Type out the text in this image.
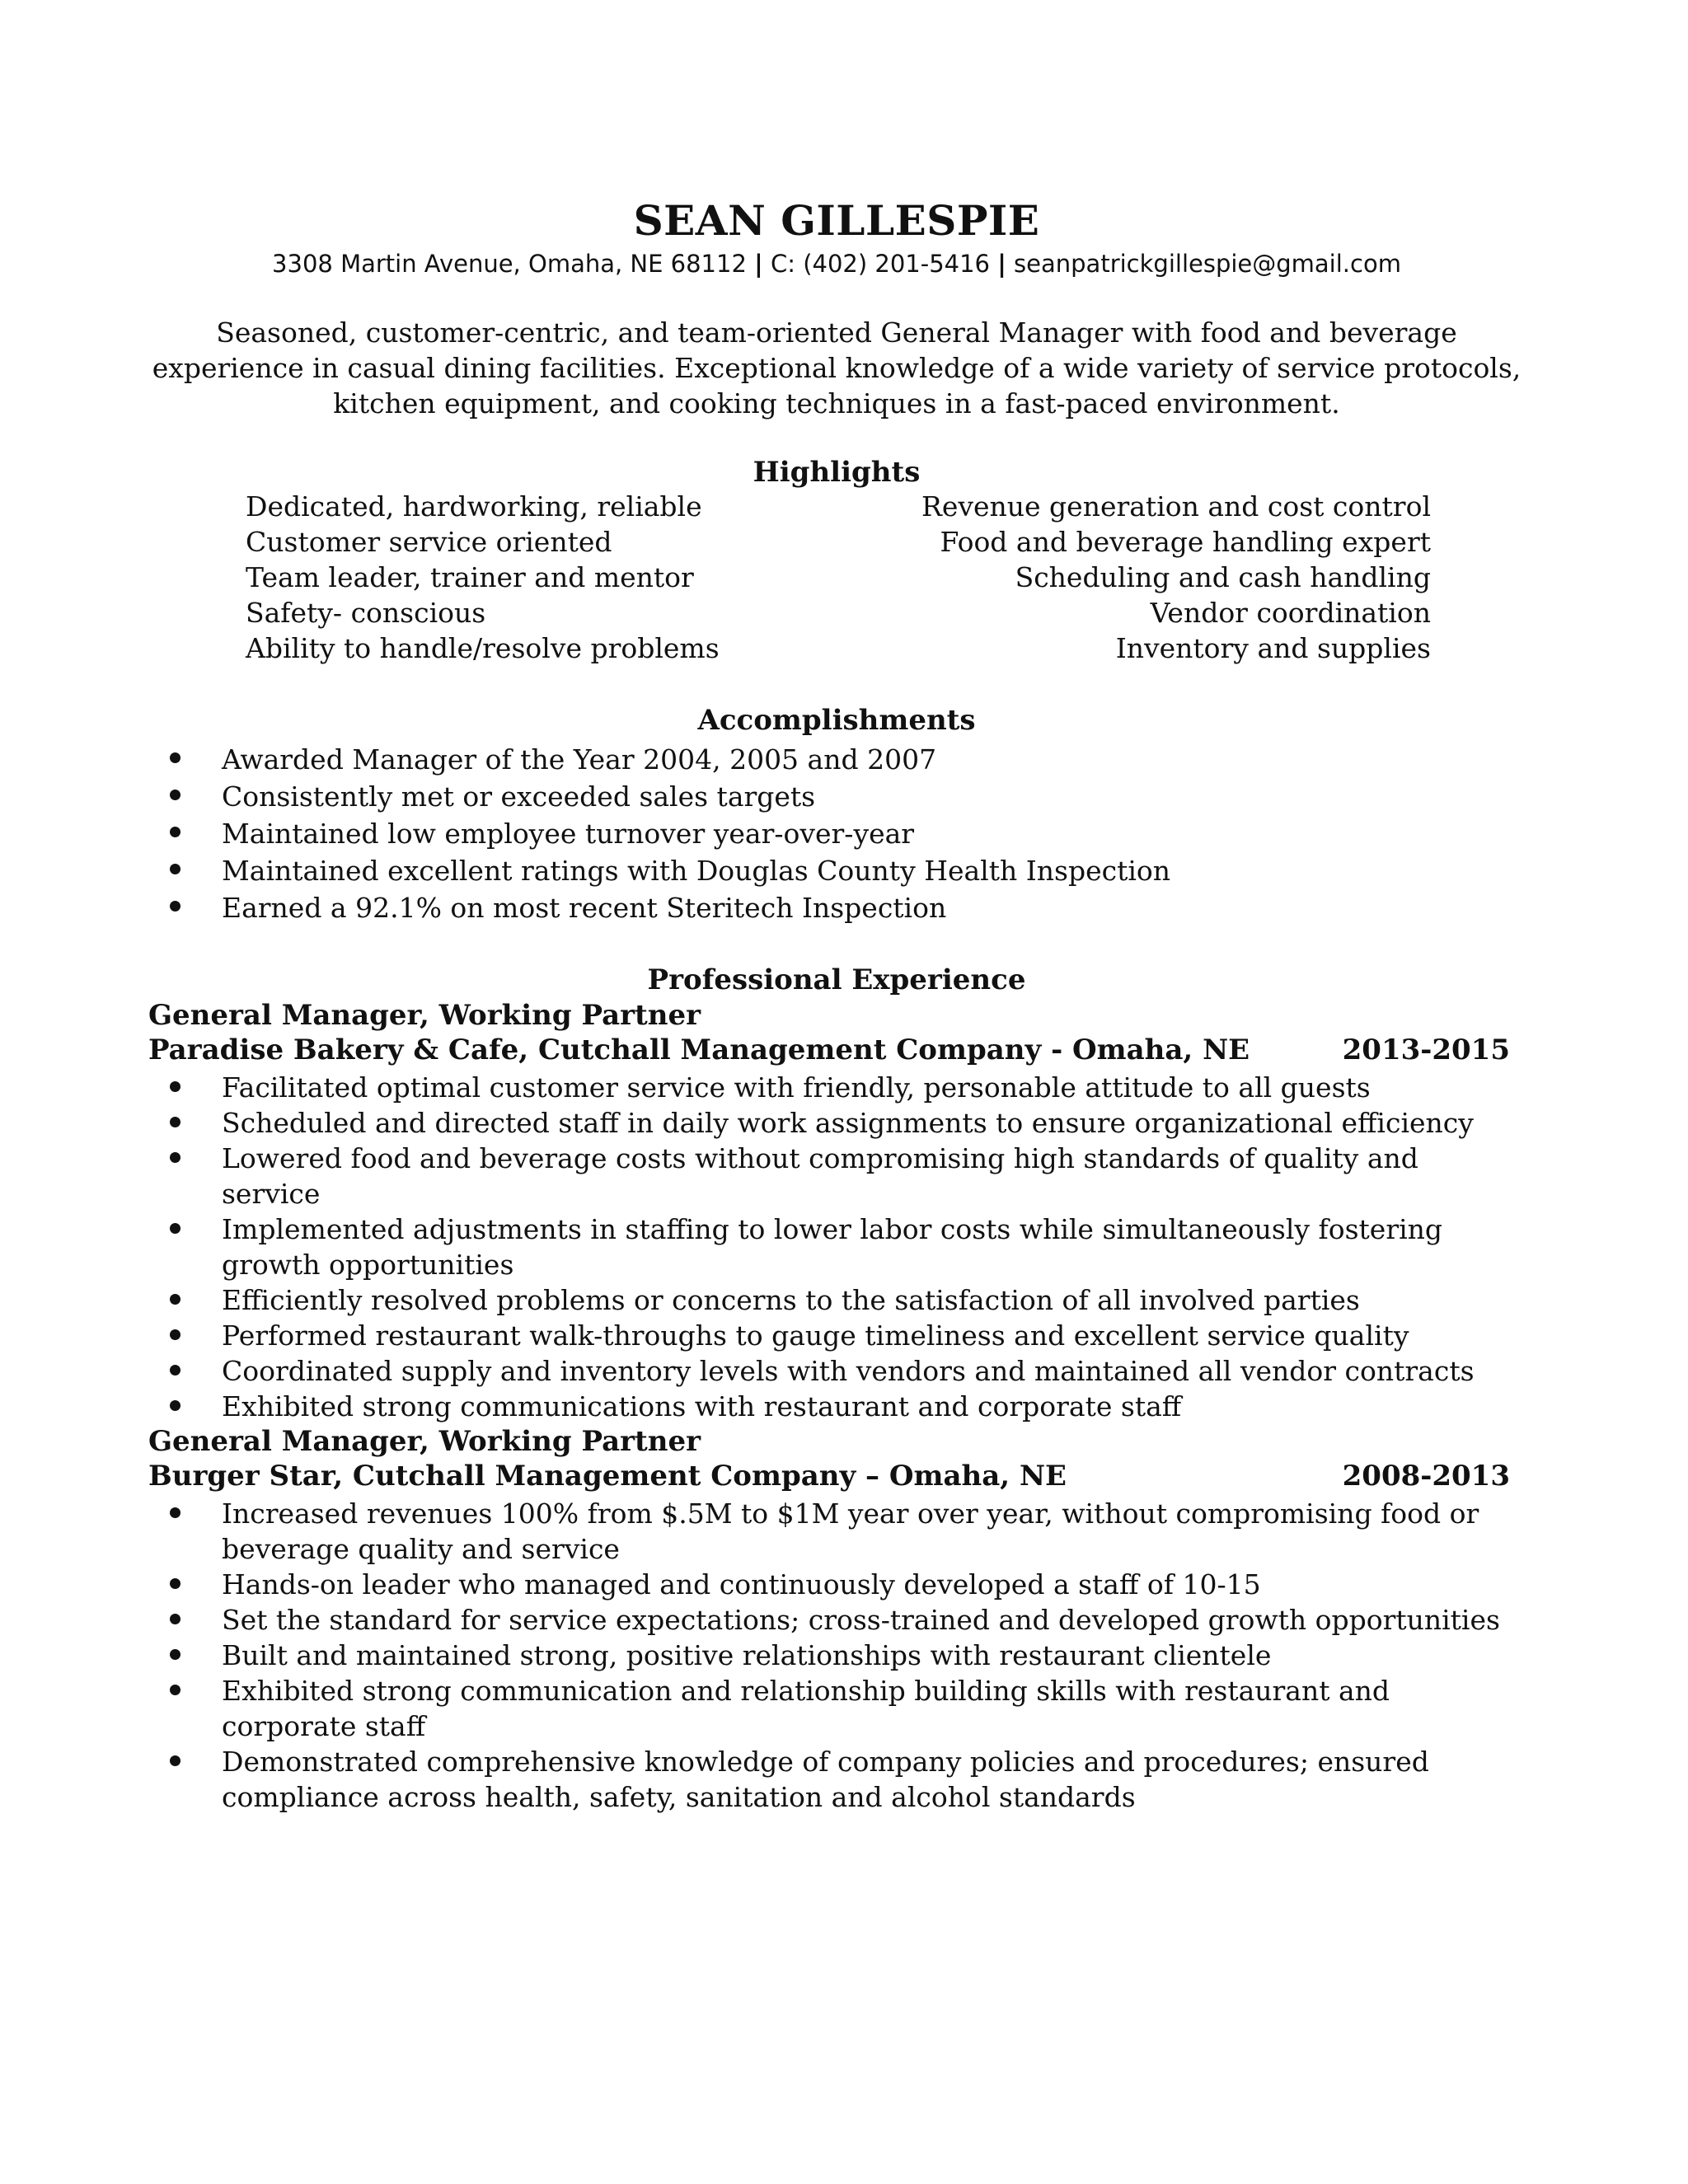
SEAN GILLESPIE
3308 Martin Avenue, Omaha, NE 68112 | C: (402) 201-5416 | seanpatrickgillespie@gmail.com
Seasoned, customer-centric, and team-oriented General Manager with food and beverage experience in casual dining facilities. Exceptional knowledge of a wide variety of service protocols, kitchen equipment, and cooking techniques in a fast-paced environment.
Highlights
Dedicated, hardworking, reliable
Customer service oriented
Team leader, trainer and mentor
Safety- conscious
Ability to handle/resolve problems
Revenue generation and cost control
Food and beverage handling expert
Scheduling and cash handling
Vendor coordination
Inventory and supplies
Accomplishments
Awarded Manager of the Year 2004, 2005 and 2007
Consistently met or exceeded sales targets
Maintained low employee turnover year-over-year
Maintained excellent ratings with Douglas County Health Inspection
Earned a 92.1% on most recent Steritech Inspection
Professional Experience
General Manager, Working Partner
Paradise Bakery & Cafe, Cutchall Management Company - Omaha, NE	2013-2015
Facilitated optimal customer service with friendly, personable attitude to all guests
Scheduled and directed staff in daily work assignments to ensure organizational efficiency
Lowered food and beverage costs without compromising high standards of quality and service
Implemented adjustments in staffing to lower labor costs while simultaneously fostering growth opportunities
Efficiently resolved problems or concerns to the satisfaction of all involved parties
Performed restaurant walk-throughs to gauge timeliness and excellent service quality
Coordinated supply and inventory levels with vendors and maintained all vendor contracts
Exhibited strong communications with restaurant and corporate staff
General Manager, Working Partner
Burger Star, Cutchall Management Company – Omaha, NE	2008-2013
Increased revenues 100% from $.5M to $1M year over year, without compromising food or beverage quality and service
Hands-on leader who managed and continuously developed a staff of 10-15
Set the standard for service expectations; cross-trained and developed growth opportunities
Built and maintained strong, positive relationships with restaurant clientele
Exhibited strong communication and relationship building skills with restaurant and corporate staff
Demonstrated comprehensive knowledge of company policies and procedures; ensured compliance across health, safety, sanitation and alcohol standards
